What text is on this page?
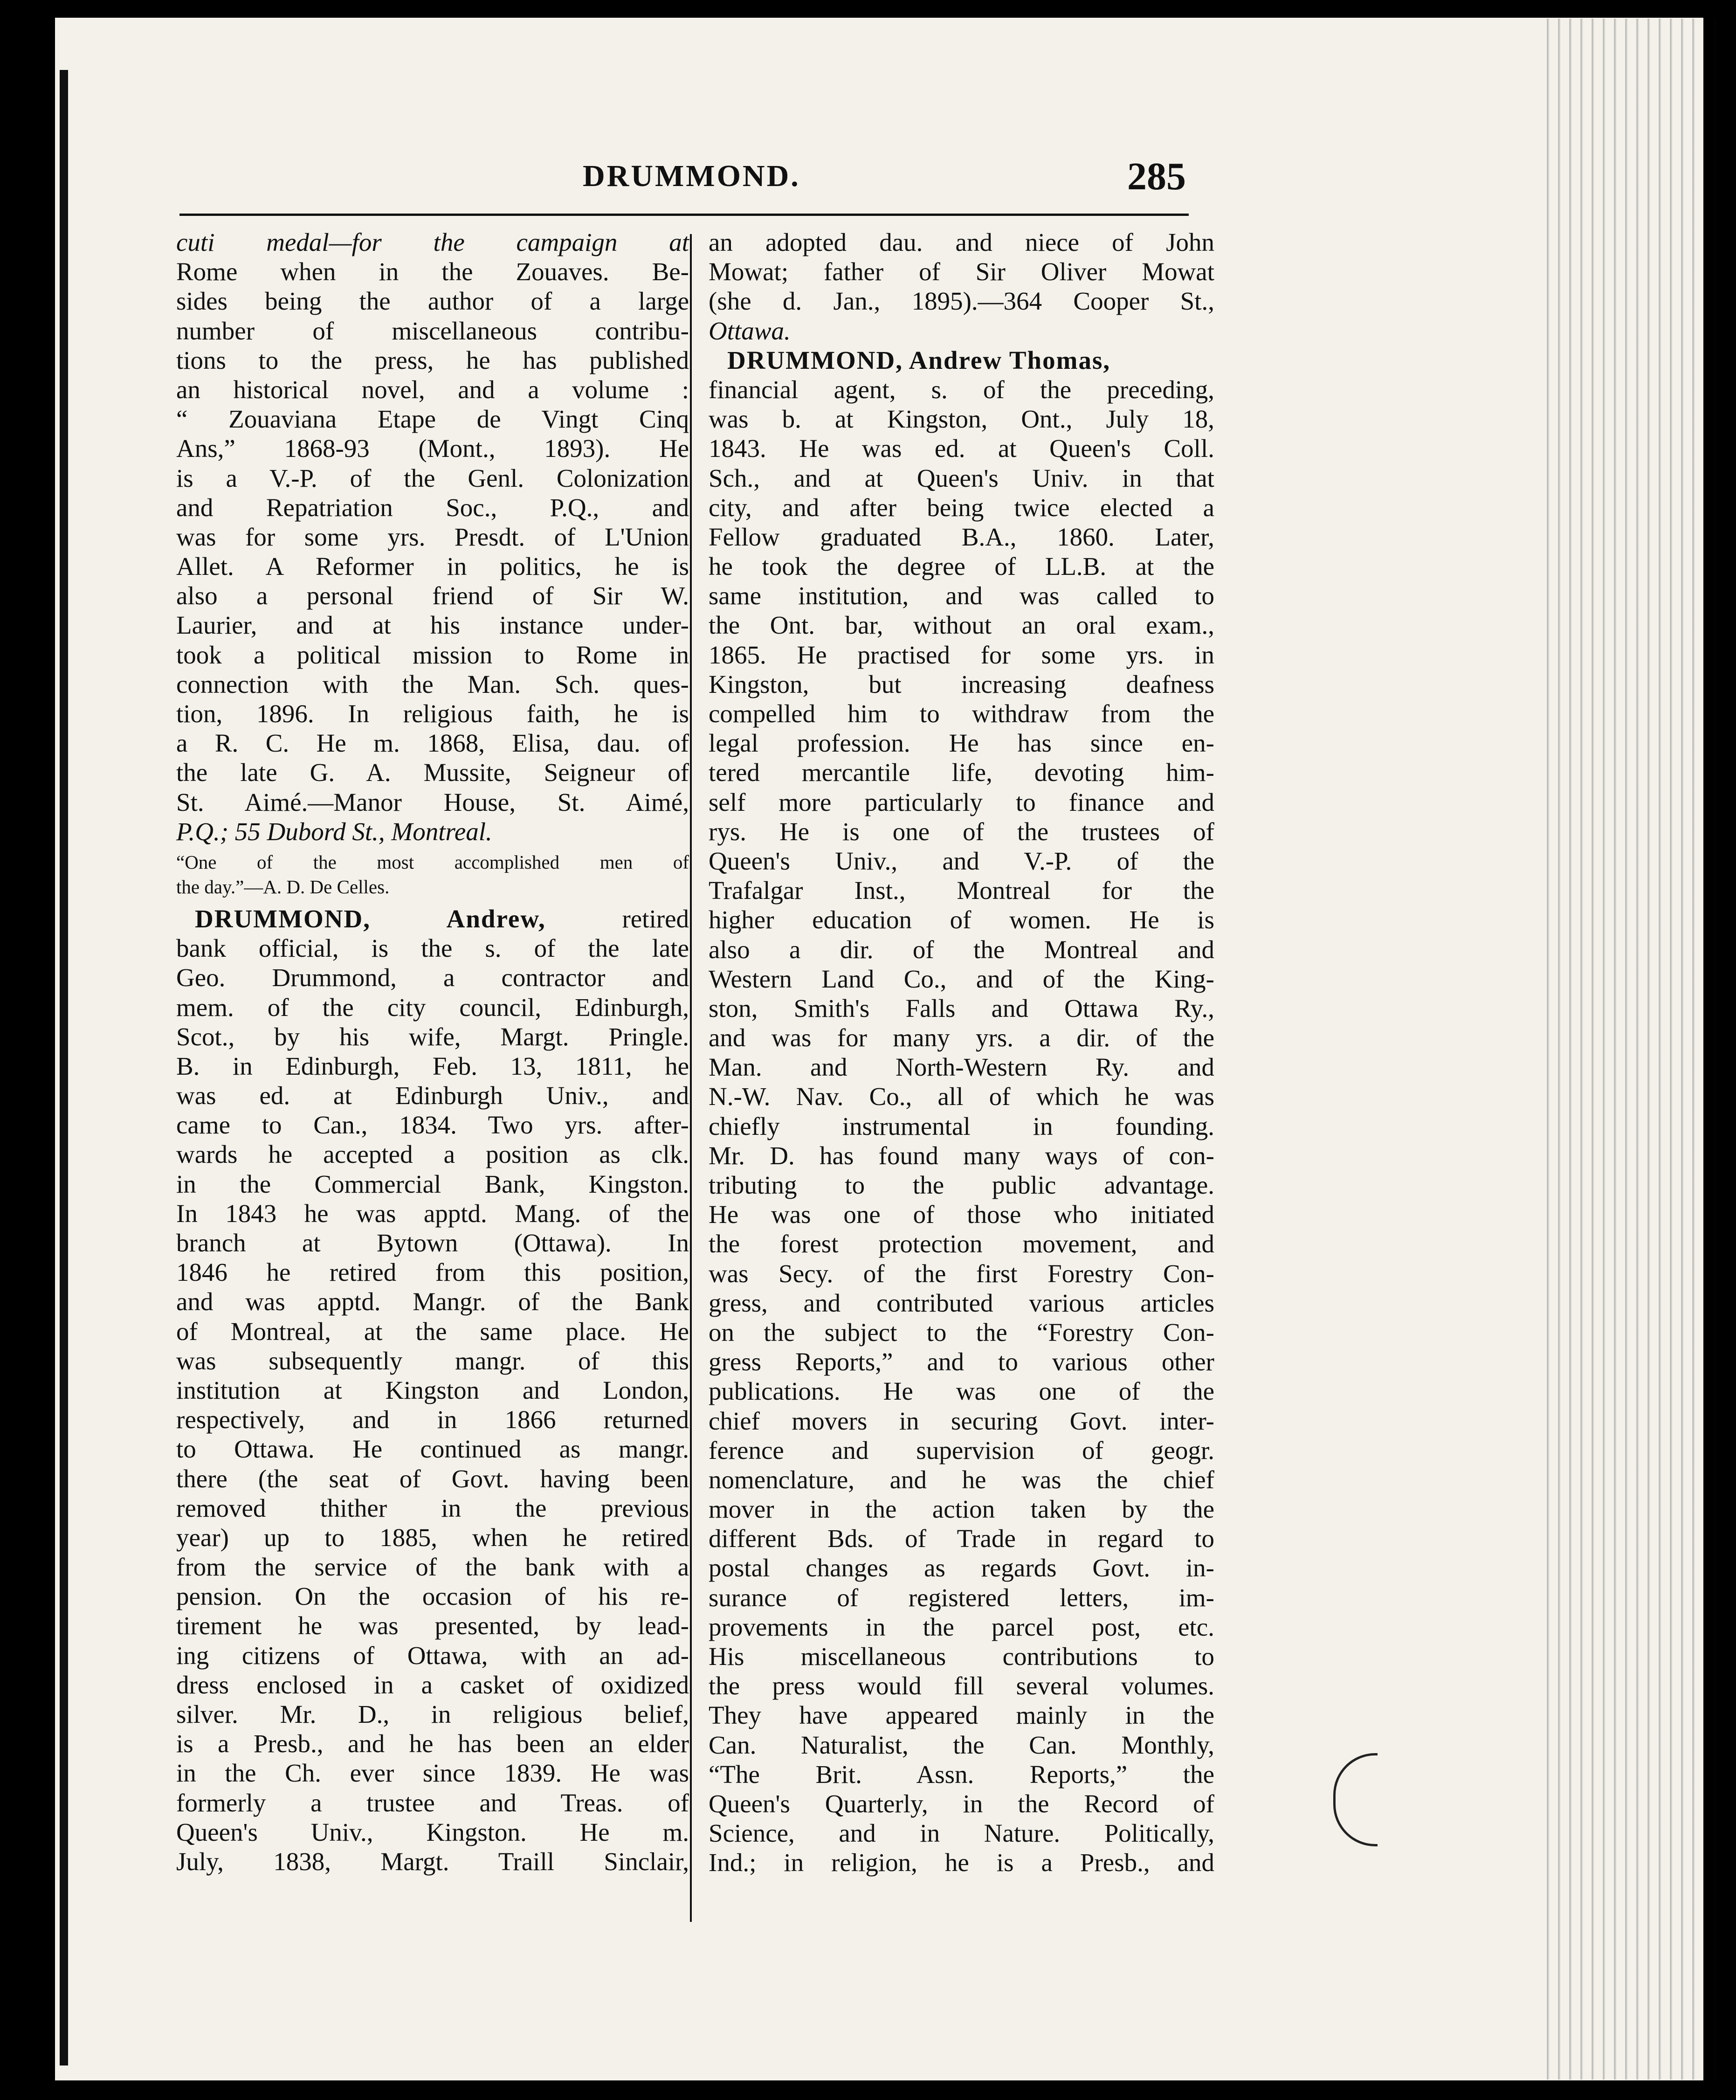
DRUMMOND.	285
cuti medal—for the campaign at
Rome when in the Zouaves. Be-
sides being the author of a large
number of miscellaneous contribu-
tions to the press, he has published
an historical novel, and a volume :
“ Zouaviana Etape de Vingt Cinq
Ans,” 1868-93 (Mont., 1893). He
is a V.-P. of the Genl. Colonization
and Repatriation Soc., P.Q., and
was for some yrs. Presdt. of L'Union
Allet. A Reformer in politics, he is
also a personal friend of Sir W.
Laurier, and at his instance under-
took a political mission to Rome in
connection with the Man. Sch. ques-
tion, 1896. In religious faith, he is
a R. C. He m. 1868, Elisa, dau. of
the late G. A. Mussite, Seigneur of
St. Aimé.—Manor House, St. Aimé,
P.Q.; 55 Dubord St., Montreal.
“One of the most accomplished men of
the day.”—A. D. De Celles.
DRUMMOND, Andrew, retired
bank official, is the s. of the late
Geo. Drummond, a contractor and
mem. of the city council, Edinburgh,
Scot., by his wife, Margt. Pringle.
B. in Edinburgh, Feb. 13, 1811, he
was ed. at Edinburgh Univ., and
came to Can., 1834. Two yrs. after-
wards he accepted a position as clk.
in the Commercial Bank, Kingston.
In 1843 he was apptd. Mang. of the
branch at Bytown (Ottawa). In
1846 he retired from this position,
and was apptd. Mangr. of the Bank
of Montreal, at the same place. He
was subsequently mangr. of this
institution at Kingston and London,
respectively, and in 1866 returned
to Ottawa. He continued as mangr.
there (the seat of Govt. having been
removed thither in the previous
year) up to 1885, when he retired
from the service of the bank with a
pension. On the occasion of his re-
tirement he was presented, by lead-
ing citizens of Ottawa, with an ad-
dress enclosed in a casket of oxidized
silver. Mr. D., in religious belief,
is a Presb., and he has been an elder
in the Ch. ever since 1839. He was
formerly a trustee and Treas. of
Queen's Univ., Kingston. He m.
July, 1838, Margt. Traill Sinclair,
an adopted dau. and niece of John
Mowat; father of Sir Oliver Mowat
(she d. Jan., 1895).—364 Cooper St.,
Ottawa.
DRUMMOND, Andrew Thomas,
financial agent, s. of the preceding,
was b. at Kingston, Ont., July 18,
1843. He was ed. at Queen's Coll.
Sch., and at Queen's Univ. in that
city, and after being twice elected a
Fellow graduated B.A., 1860. Later,
he took the degree of LL.B. at the
same institution, and was called to
the Ont. bar, without an oral exam.,
1865. He practised for some yrs. in
Kingston, but increasing deafness
compelled him to withdraw from the
legal profession. He has since en-
tered mercantile life, devoting him-
self more particularly to finance and
rys. He is one of the trustees of
Queen's Univ., and V.-P. of the
Trafalgar Inst., Montreal for the
higher education of women. He is
also a dir. of the Montreal and
Western Land Co., and of the King-
ston, Smith's Falls and Ottawa Ry.,
and was for many yrs. a dir. of the
Man. and North-Western Ry. and
N.-W. Nav. Co., all of which he was
chiefly instrumental in founding.
Mr. D. has found many ways of con-
tributing to the public advantage.
He was one of those who initiated
the forest protection movement, and
was Secy. of the first Forestry Con-
gress, and contributed various articles
on the subject to the “Forestry Con-
gress Reports,” and to various other
publications. He was one of the
chief movers in securing Govt. inter-
ference and supervision of geogr.
nomenclature, and he was the chief
mover in the action taken by the
different Bds. of Trade in regard to
postal changes as regards Govt. in-
surance of registered letters, im-
provements in the parcel post, etc.
His miscellaneous contributions to
the press would fill several volumes.
They have appeared mainly in the
Can. Naturalist, the Can. Monthly,
“The Brit. Assn. Reports,” the
Queen's Quarterly, in the Record of
Science, and in Nature. Politically,
Ind.; in religion, he is a Presb., and
